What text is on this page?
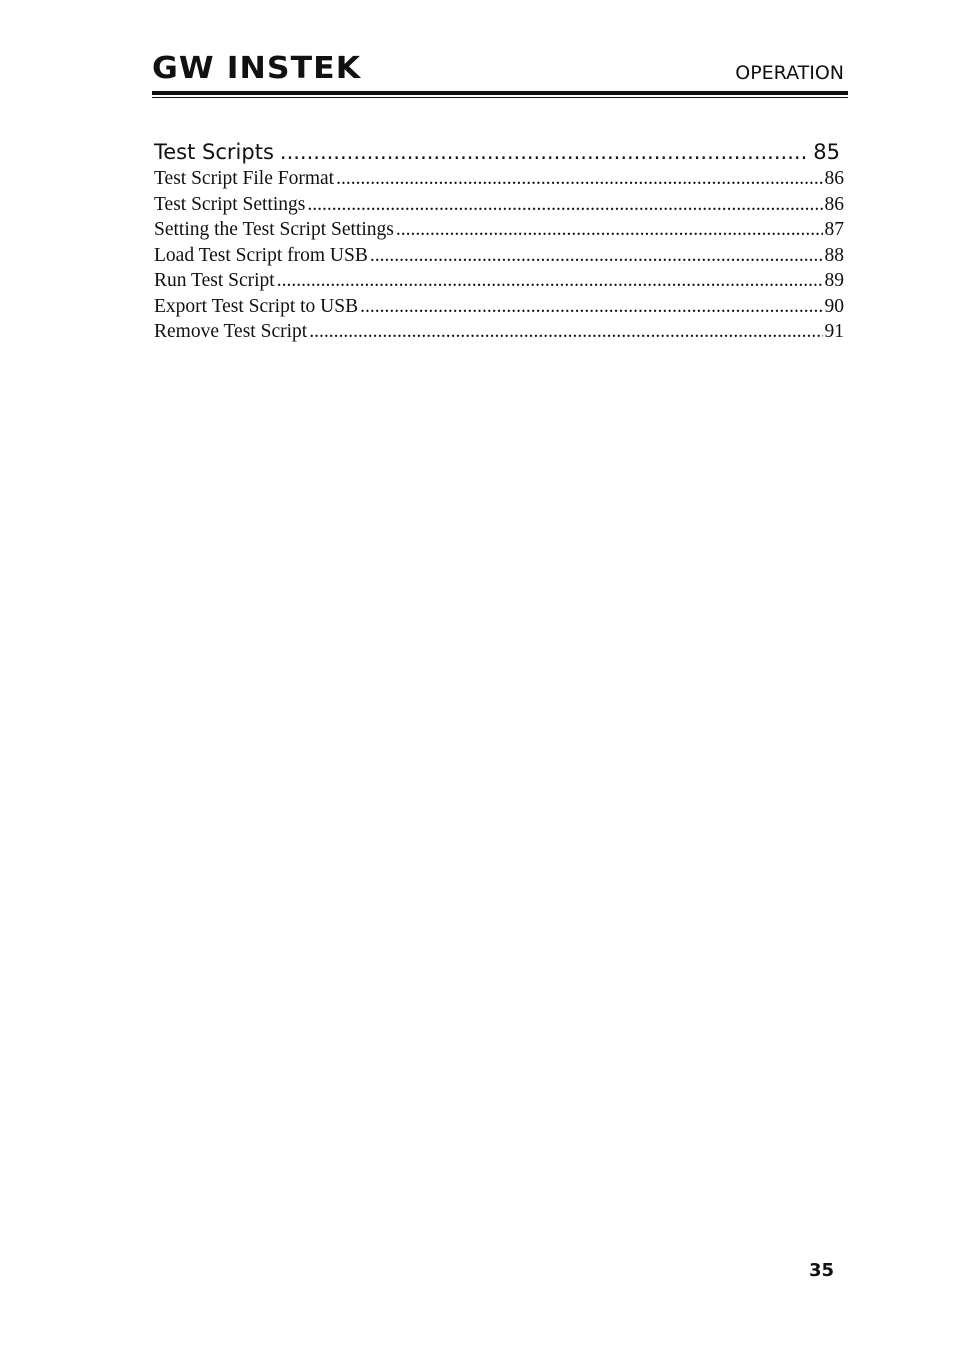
GW INSTEK	OPERATION
Test Scripts .....	85
Test Script File Format .....	86
Test Script Settings .....	86
Setting the Test Script Settings .....	87
Load Test Script from USB .....	88
Run Test Script .....	89
Export Test Script to USB .....	90
Remove Test Script .....	91
35
